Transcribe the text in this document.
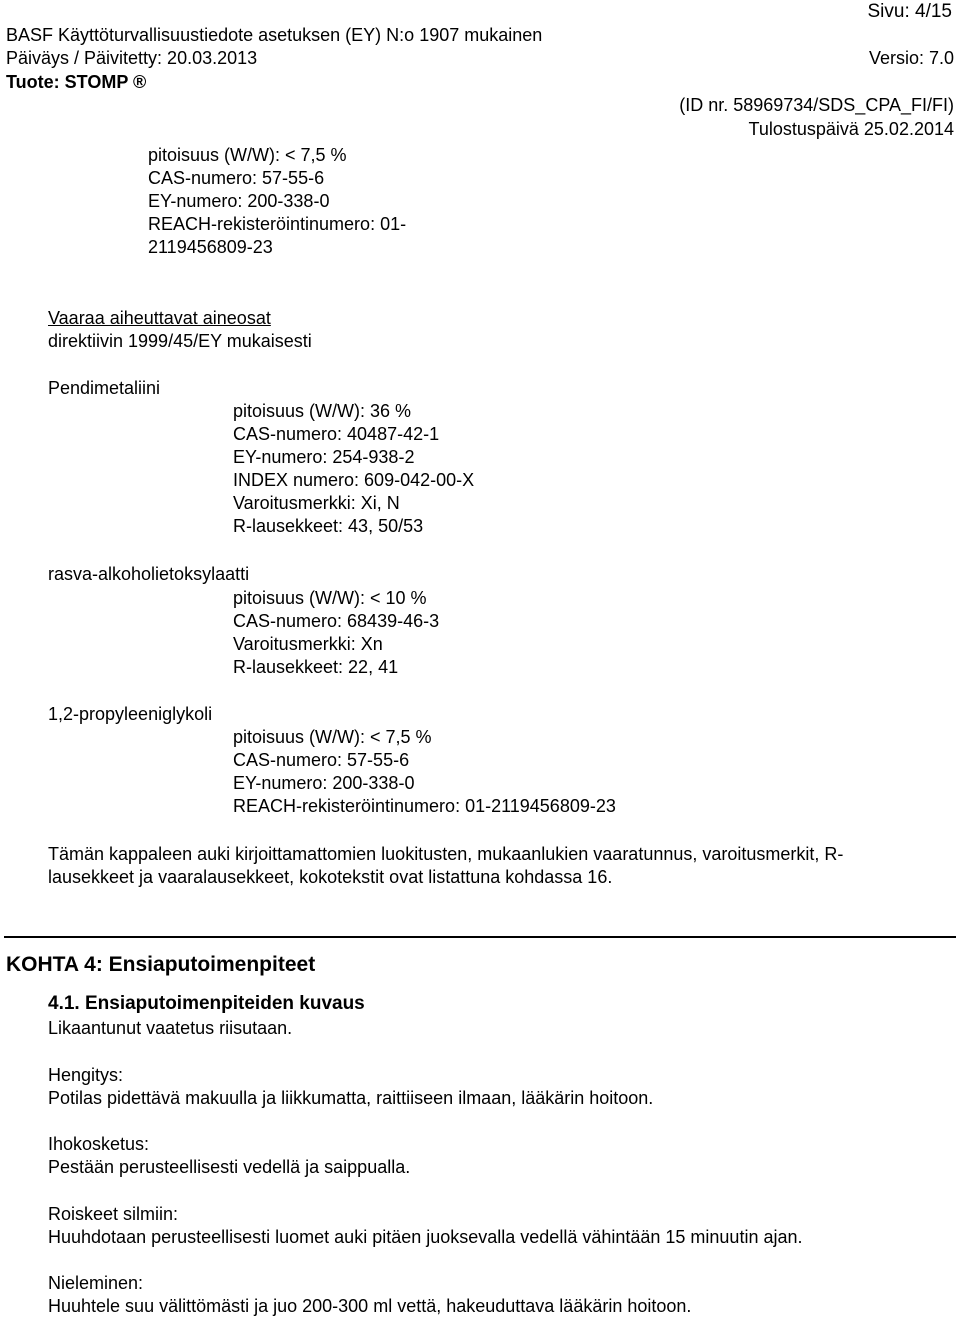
Sivu: 4/15
BASF Käyttöturvallisuustiedote asetuksen (EY) N:o 1907 mukainen
Päiväys / Päivitetty: 20.03.2013	Versio: 7.0
Tuote: STOMP ®
(ID nr. 58969734/SDS_CPA_FI/FI)
Tulostuspäivä 25.02.2014
pitoisuus (W/W): < 7,5 %
CAS-numero: 57-55-6
EY-numero: 200-338-0
REACH-rekisteröintinumero: 01-
2119456809-23
Vaaraa aiheuttavat aineosat
direktiivin 1999/45/EY mukaisesti
Pendimetaliini
pitoisuus (W/W): 36 %
CAS-numero: 40487-42-1
EY-numero: 254-938-2
INDEX numero: 609-042-00-X
Varoitusmerkki: Xi, N
R-lausekkeet: 43, 50/53
rasva-alkoholietoksylaatti
pitoisuus (W/W): < 10 %
CAS-numero: 68439-46-3
Varoitusmerkki: Xn
R-lausekkeet: 22, 41
1,2-propyleeniglykoli
pitoisuus (W/W): < 7,5 %
CAS-numero: 57-55-6
EY-numero: 200-338-0
REACH-rekisteröintinumero: 01-2119456809-23
Tämän kappaleen auki kirjoittamattomien luokitusten, mukaanlukien vaaratunnus, varoitusmerkit, R-
lausekkeet ja vaaralausekkeet, kokotekstit ovat listattuna kohdassa 16.
KOHTA 4: Ensiaputoimenpiteet
4.1. Ensiaputoimenpiteiden kuvaus
Likaantunut vaatetus riisutaan.
Hengitys:
Potilas pidettävä makuulla ja liikkumatta, raittiiseen ilmaan, lääkärin hoitoon.
Ihokosketus:
Pestään perusteellisesti vedellä ja saippualla.
Roiskeet silmiin:
Huuhdotaan perusteellisesti luomet auki pitäen juoksevalla vedellä vähintään 15 minuutin ajan.
Nieleminen:
Huuhtele suu välittömästi ja juo 200-300 ml vettä, hakeuduttava lääkärin hoitoon.
